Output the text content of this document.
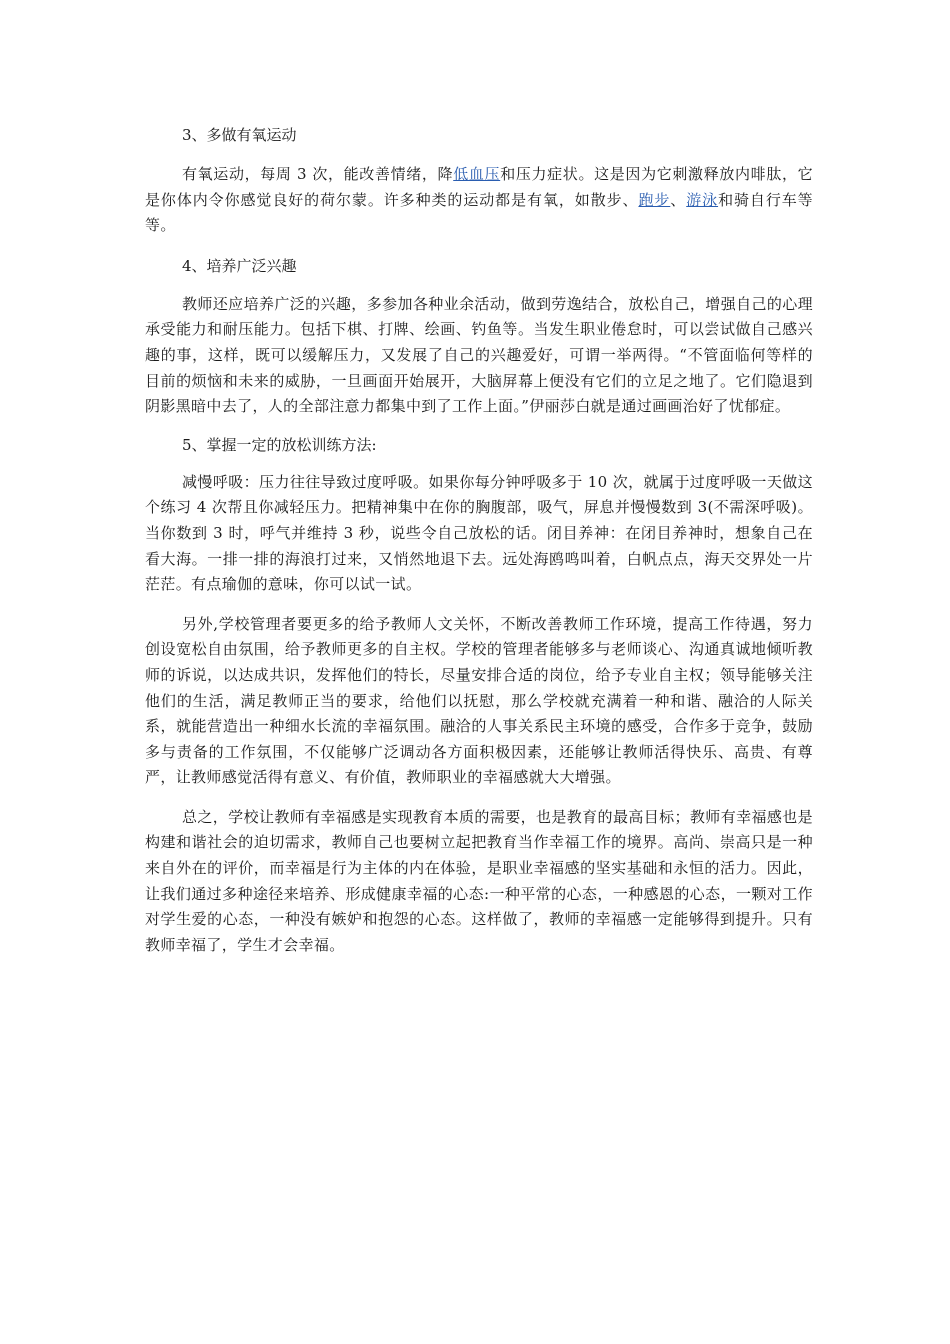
3、多做有氧运动

有氧运动，每周 3 次，能改善情绪，降低血压和压力症状。这是因为它刺激释放内啡肽，它是你体内令你感觉良好的荷尔蒙。许多种类的运动都是有氧，如散步、跑步、游泳和骑自行车等等。

4、培养广泛兴趣

教师还应培养广泛的兴趣，多参加各种业余活动，做到劳逸结合，放松自己，增强自己的心理承受能力和耐压能力。包括下棋、打牌、绘画、钓鱼等。当发生职业倦怠时，可以尝试做自己感兴趣的事，这样，既可以缓解压力，又发展了自己的兴趣爱好，可谓一举两得。“不管面临何等样的目前的烦恼和未来的威胁，一旦画面开始展开，大脑屏幕上便没有它们的立足之地了。它们隐退到阴影黑暗中去了，人的全部注意力都集中到了工作上面。”伊丽莎白就是通过画画治好了忧郁症。

5、掌握一定的放松训练方法:

减慢呼吸：压力往往导致过度呼吸。如果你每分钟呼吸多于 10 次，就属于过度呼吸一天做这个练习 4 次帮且你减轻压力。把精神集中在你的胸腹部，吸气，屏息并慢慢数到 3(不需深呼吸)。当你数到 3 时，呼气并维持 3 秒，说些令自己放松的话。闭目养神：在闭目养神时，想象自己在看大海。一排一排的海浪打过来，又悄然地退下去。远处海鸥鸣叫着，白帆点点，海天交界处一片茫茫。有点瑜伽的意味，你可以试一试。

另外,学校管理者要更多的给予教师人文关怀，不断改善教师工作环境，提高工作待遇，努力创设宽松自由氛围，给予教师更多的自主权。学校的管理者能够多与老师谈心、沟通真诚地倾听教师的诉说，以达成共识，发挥他们的特长，尽量安排合适的岗位，给予专业自主权；领导能够关注他们的生活，满足教师正当的要求，给他们以抚慰，那么学校就充满着一种和谐、融洽的人际关系，就能营造出一种细水长流的幸福氛围。融洽的人事关系民主环境的感受，合作多于竞争，鼓励多与责备的工作氛围，不仅能够广泛调动各方面积极因素，还能够让教师活得快乐、高贵、有尊严，让教师感觉活得有意义、有价值，教师职业的幸福感就大大增强。

总之，学校让教师有幸福感是实现教育本质的需要，也是教育的最高目标；教师有幸福感也是构建和谐社会的迫切需求，教师自己也要树立起把教育当作幸福工作的境界。高尚、崇高只是一种来自外在的评价，而幸福是行为主体的内在体验，是职业幸福感的坚实基础和永恒的活力。因此，让我们通过多种途径来培养、形成健康幸福的心态:一种平常的心态，一种感恩的心态，一颗对工作对学生爱的心态，一种没有嫉妒和抱怨的心态。这样做了，教师的幸福感一定能够得到提升。只有教师幸福了，学生才会幸福。
